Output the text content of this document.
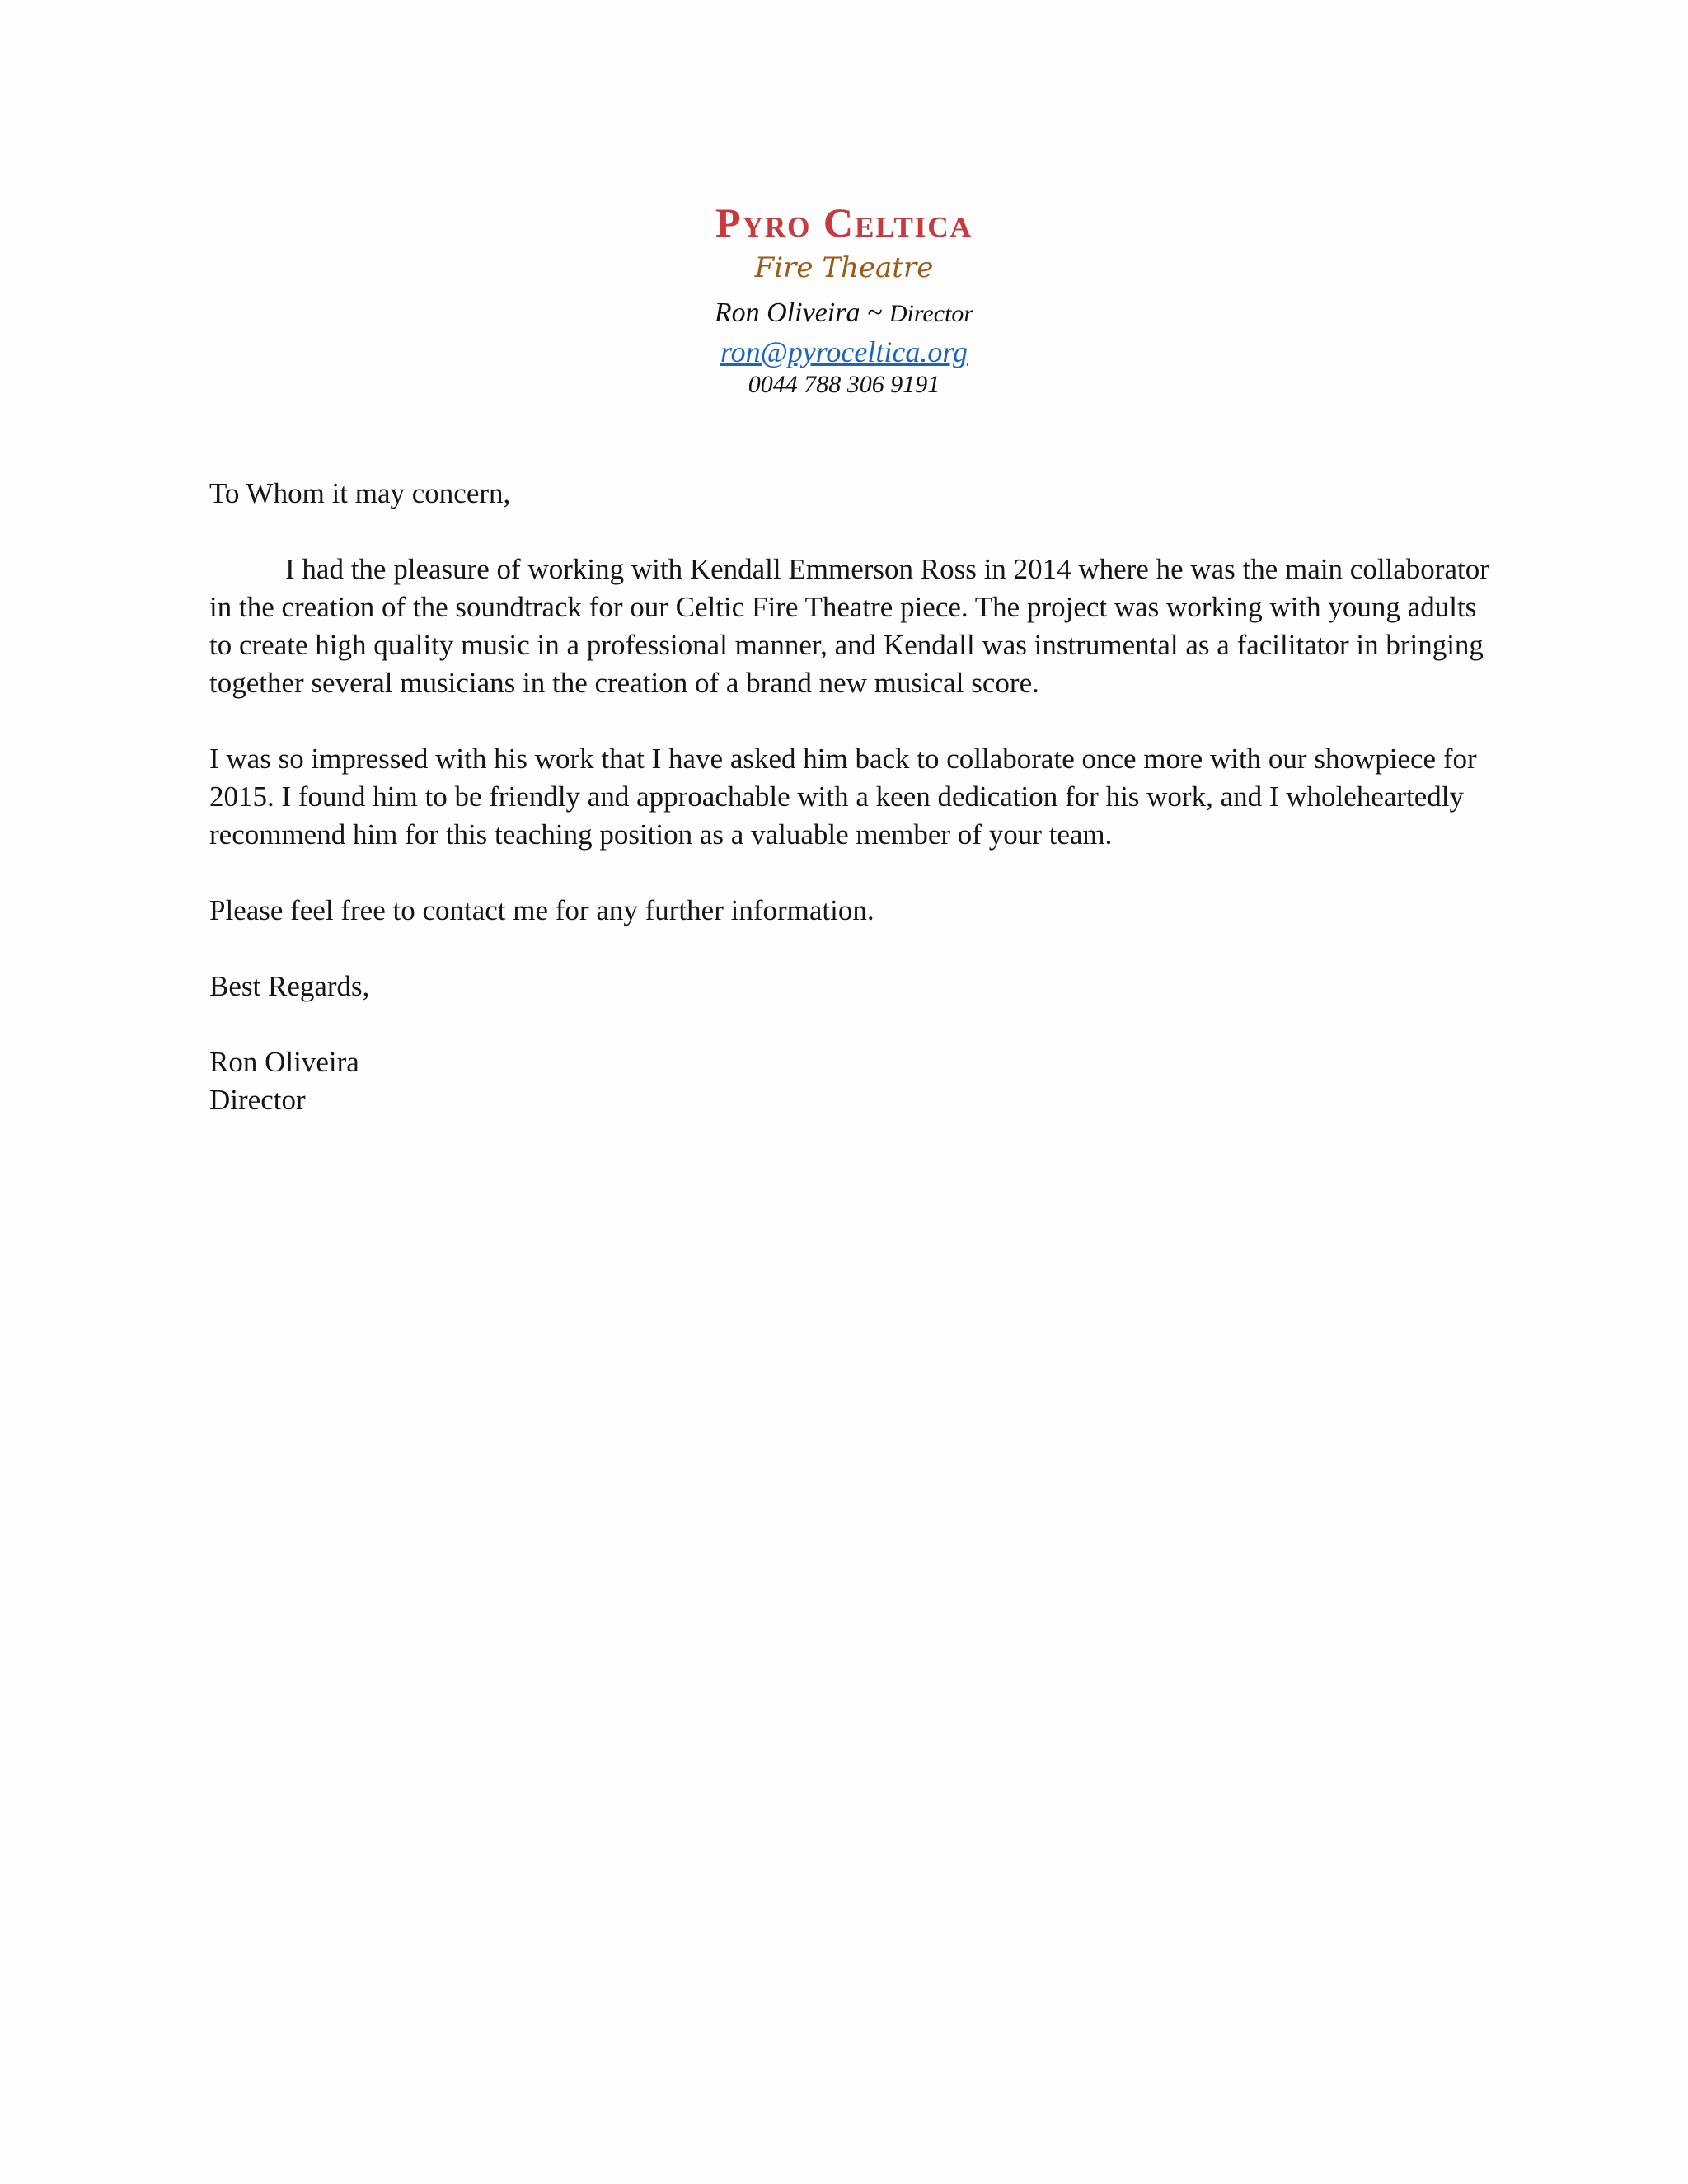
Pyro Celtica
Fire Theatre
Ron Oliveira ~ Director
ron@pyroceltica.org
0044 788 306 9191

To Whom it may concern,

I had the pleasure of working with Kendall Emmerson Ross in 2014 where he was the main collaborator in the creation of the soundtrack for our Celtic Fire Theatre piece. The project was working with young adults to create high quality music in a professional manner, and Kendall was instrumental as a facilitator in bringing together several musicians in the creation of a brand new musical score.

I was so impressed with his work that I have asked him back to collaborate once more with our showpiece for 2015. I found him to be friendly and approachable with a keen dedication for his work, and I wholeheartedly recommend him for this teaching position as a valuable member of your team.

Please feel free to contact me for any further information.

Best Regards,

Ron Oliveira

Director
